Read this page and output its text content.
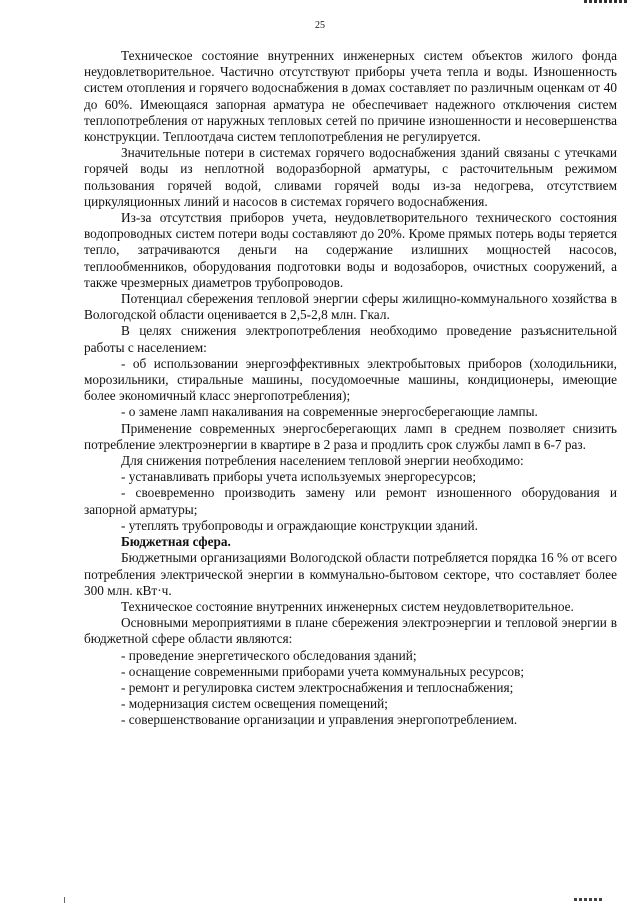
25

Техническое состояние внутренних инженерных систем объектов жилого фонда неудовлетворительное. Частично отсутствуют приборы учета тепла и воды. Изношенность систем отопления и горячего водоснабжения в домах составляет по различным оценкам от 40 до 60%. Имеющаяся запорная арматура не обеспечивает надежного отключения систем теплопотребления от наружных тепловых сетей по причине изношенности и несовершенства конструкции. Теплоотдача систем теплопотребления не регулируется.

Значительные потери в системах горячего водоснабжения зданий связаны с утечками горячей воды из неплотной водоразборной арматуры, с расточительным режимом пользования горячей водой, сливами горячей воды из-за недогрева, отсутствием циркуляционных линий и насосов в системах горячего водоснабжения.

Из-за отсутствия приборов учета, неудовлетворительного технического состояния водопроводных систем потери воды составляют до 20%. Кроме прямых потерь воды теряется тепло, затрачиваются деньги на содержание излишних мощностей насосов, теплообменников, оборудования подготовки воды и водозаборов, очистных сооружений, а также чрезмерных диаметров трубопроводов.

Потенциал сбережения тепловой энергии сферы жилищно-коммунального хозяйства в Вологодской области оценивается в 2,5-2,8 млн. Гкал.

В целях снижения электропотребления необходимо проведение разъяснительной работы с населением:

- об использовании энергоэффективных электробытовых приборов (холодильники, морозильники, стиральные машины, посудомоечные машины, кондиционеры, имеющие более экономичный класс энергопотребления);

- о замене ламп накаливания на современные энергосберегающие лампы.

Применение современных энергосберегающих ламп в среднем позволяет снизить потребление электроэнергии в квартире в 2 раза и продлить срок службы ламп в 6-7 раз.

Для снижения потребления населением тепловой энергии необходимо:

- устанавливать приборы учета используемых энергоресурсов;

- своевременно производить замену или ремонт изношенного оборудования и запорной арматуры;

- утеплять трубопроводы и ограждающие конструкции зданий.

Бюджетная сфера.

Бюджетными организациями Вологодской области потребляется порядка 16 % от всего потребления электрической энергии в коммунально-бытовом секторе, что составляет более 300 млн. кВт·ч.

Техническое состояние внутренних инженерных систем неудовлетворительное.

Основными мероприятиями в плане сбережения электроэнергии и тепловой энергии в бюджетной сфере области являются:

- проведение энергетического обследования зданий;

- оснащение современными приборами учета коммунальных ресурсов;

- ремонт и регулировка систем электроснабжения и теплоснабжения;

- модернизация систем освещения помещений;

- совершенствование организации и управления энергопотреблением.
